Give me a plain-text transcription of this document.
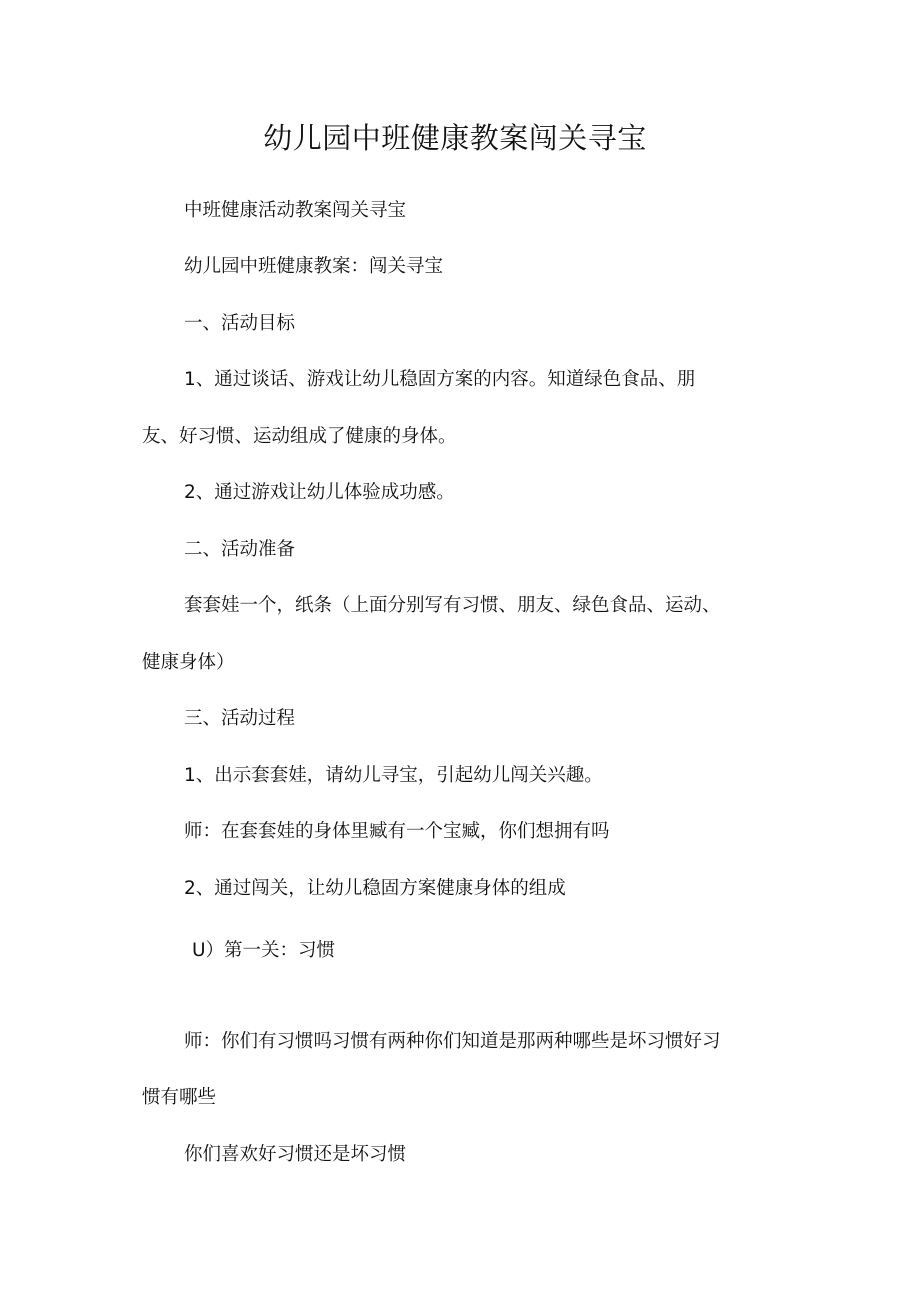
幼儿园中班健康教案闯关寻宝
中班健康活动教案闯关寻宝
幼儿园中班健康教案：闯关寻宝
一、活动目标
1、通过谈话、游戏让幼儿稳固方案的内容。知道绿色食品、朋
友、好习惯、运动组成了健康的身体。
2、通过游戏让幼儿体验成功感。
二、活动准备
套套娃一个，纸条（上面分别写有习惯、朋友、绿色食品、运动、
健康身体）
三、活动过程
1、出示套套娃，请幼儿寻宝，引起幼儿闯关兴趣。
师：在套套娃的身体里臧有一个宝臧，你们想拥有吗
2、通过闯关，让幼儿稳固方案健康身体的组成
U）第一关：习惯
师：你们有习惯吗习惯有两种你们知道是那两种哪些是坏习惯好习
惯有哪些
你们喜欢好习惯还是坏习惯
